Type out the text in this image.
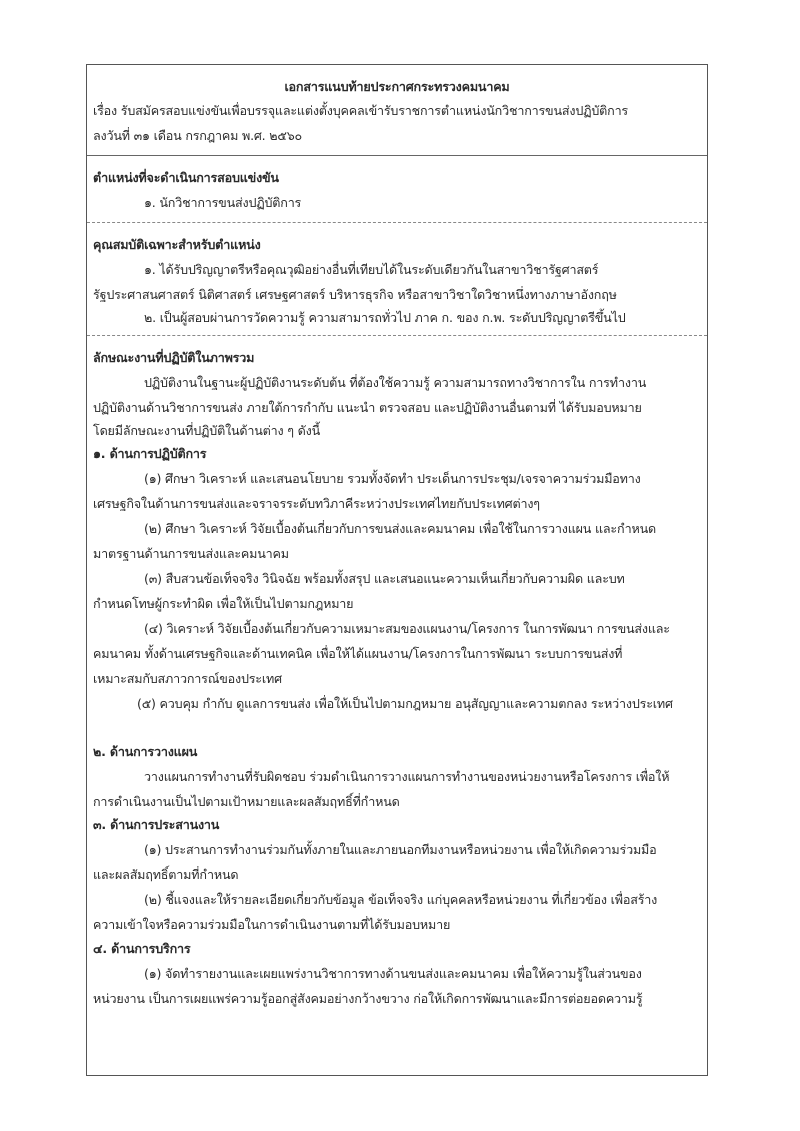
เอกสารแนบท้ายประกาศกระทรวงคมนาคม
เรื่อง รับสมัครสอบแข่งขันเพื่อบรรจุและแต่งตั้งบุคคลเข้ารับราชการตำแหน่งนักวิชาการขนส่งปฏิบัติการ
ลงวันที่ ๓๑ เดือน กรกฎาคม พ.ศ. ๒๕๖๐
ตำแหน่งที่จะดำเนินการสอบแข่งขัน
๑. นักวิชาการขนส่งปฏิบัติการ
คุณสมบัติเฉพาะสำหรับตำแหน่ง
๑. ได้รับปริญญาตรีหรือคุณวุฒิอย่างอื่นที่เทียบได้ในระดับเดียวกันในสาขาวิชารัฐศาสตร์
รัฐประศาสนศาสตร์ นิติศาสตร์ เศรษฐศาสตร์ บริหารธุรกิจ หรือสาขาวิชาใดวิชาหนึ่งทางภาษาอังกฤษ
๒. เป็นผู้สอบผ่านการวัดความรู้ ความสามารถทั่วไป ภาค ก. ของ ก.พ. ระดับปริญญาตรีขึ้นไป
ลักษณะงานที่ปฏิบัติในภาพรวม
ปฏิบัติงานในฐานะผู้ปฏิบัติงานระดับต้น ที่ต้องใช้ความรู้ ความสามารถทางวิชาการใน การทำงาน
ปฏิบัติงานด้านวิชาการขนส่ง ภายใต้การกำกับ แนะนำ ตรวจสอบ และปฏิบัติงานอื่นตามที่ ได้รับมอบหมาย
โดยมีลักษณะงานที่ปฏิบัติในด้านต่าง ๆ ดังนี้
๑. ด้านการปฏิบัติการ
(๑) ศึกษา วิเคราะห์ และเสนอนโยบาย รวมทั้งจัดทำ ประเด็นการประชุม/เจรจาความร่วมมือทาง
เศรษฐกิจในด้านการขนส่งและจราจรระดับทวิภาคีระหว่างประเทศไทยกับประเทศต่างๆ
(๒) ศึกษา วิเคราะห์ วิจัยเบื้องต้นเกี่ยวกับการขนส่งและคมนาคม เพื่อใช้ในการวางแผน และกำหนด
มาตรฐานด้านการขนส่งและคมนาคม
(๓) สืบสวนข้อเท็จจริง วินิจฉัย พร้อมทั้งสรุป และเสนอแนะความเห็นเกี่ยวกับความผิด และบท
กำหนดโทษผู้กระทำผิด เพื่อให้เป็นไปตามกฎหมาย
(๔) วิเคราะห์ วิจัยเบื้องต้นเกี่ยวกับความเหมาะสมของแผนงาน/โครงการ ในการพัฒนา การขนส่งและ
คมนาคม ทั้งด้านเศรษฐกิจและด้านเทคนิค เพื่อให้ได้แผนงาน/โครงการในการพัฒนา ระบบการขนส่งที่
เหมาะสมกับสภาวการณ์ของประเทศ
(๕) ควบคุม กำกับ ดูแลการขนส่ง เพื่อให้เป็นไปตามกฎหมาย อนุสัญญาและความตกลง ระหว่างประเทศ
๒. ด้านการวางแผน
วางแผนการทำงานที่รับผิดชอบ ร่วมดำเนินการวางแผนการทำงานของหน่วยงานหรือโครงการ เพื่อให้
การดำเนินงานเป็นไปตามเป้าหมายและผลสัมฤทธิ์ที่กำหนด
๓. ด้านการประสานงาน
(๑) ประสานการทำงานร่วมกันทั้งภายในและภายนอกทีมงานหรือหน่วยงาน เพื่อให้เกิดความร่วมมือ
และผลสัมฤทธิ์ตามที่กำหนด
(๒) ชี้แจงและให้รายละเอียดเกี่ยวกับข้อมูล ข้อเท็จจริง แก่บุคคลหรือหน่วยงาน ที่เกี่ยวข้อง เพื่อสร้าง
ความเข้าใจหรือความร่วมมือในการดำเนินงานตามที่ได้รับมอบหมาย
๔. ด้านการบริการ
(๑) จัดทำรายงานและเผยแพร่งานวิชาการทางด้านขนส่งและคมนาคม เพื่อให้ความรู้ในส่วนของ
หน่วยงาน เป็นการเผยแพร่ความรู้ออกสู่สังคมอย่างกว้างขวาง ก่อให้เกิดการพัฒนาและมีการต่อยอดความรู้
